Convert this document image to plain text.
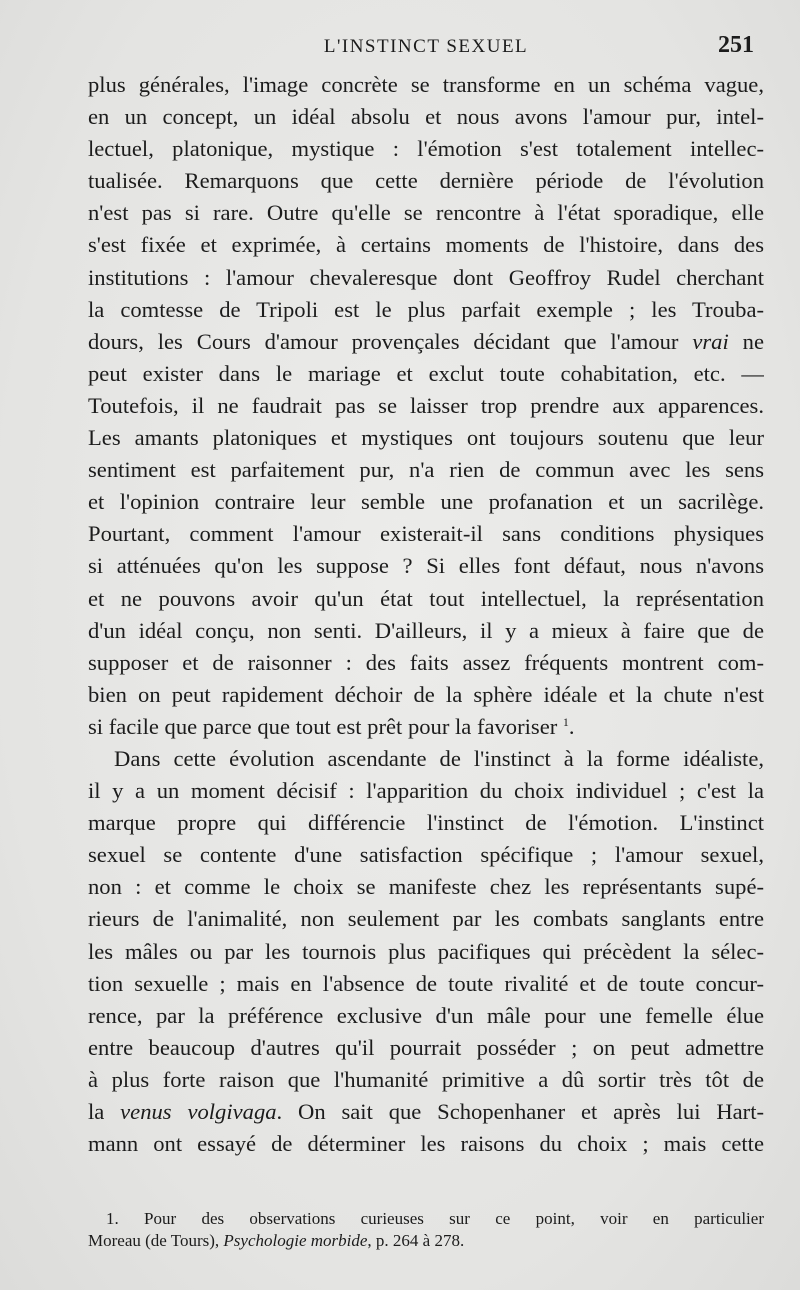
L'INSTINCT SEXUEL	251
plus générales, l'image concrète se transforme en un schéma vague,
en un concept, un idéal absolu et nous avons l'amour pur, intel-
lectuel, platonique, mystique : l'émotion s'est totalement intellec-
tualisée. Remarquons que cette dernière période de l'évolution
n'est pas si rare. Outre qu'elle se rencontre à l'état sporadique, elle
s'est fixée et exprimée, à certains moments de l'histoire, dans des
institutions : l'amour chevaleresque dont Geoffroy Rudel cherchant
la comtesse de Tripoli est le plus parfait exemple ; les Trouba-
dours, les Cours d'amour provençales décidant que l'amour vrai ne
peut exister dans le mariage et exclut toute cohabitation, etc. —
Toutefois, il ne faudrait pas se laisser trop prendre aux apparences.
Les amants platoniques et mystiques ont toujours soutenu que leur
sentiment est parfaitement pur, n'a rien de commun avec les sens
et l'opinion contraire leur semble une profanation et un sacrilège.
Pourtant, comment l'amour existerait-il sans conditions physiques
si atténuées qu'on les suppose ? Si elles font défaut, nous n'avons
et ne pouvons avoir qu'un état tout intellectuel, la représentation
d'un idéal conçu, non senti. D'ailleurs, il y a mieux à faire que de
supposer et de raisonner : des faits assez fréquents montrent com-
bien on peut rapidement déchoir de la sphère idéale et la chute n'est
si facile que parce que tout est prêt pour la favoriser $^1$.
Dans cette évolution ascendante de l'instinct à la forme idéaliste,
il y a un moment décisif : l'apparition du choix individuel ; c'est la
marque propre qui différencie l'instinct de l'émotion. L'instinct
sexuel se contente d'une satisfaction spécifique ; l'amour sexuel,
non : et comme le choix se manifeste chez les représentants supé-
rieurs de l'animalité, non seulement par les combats sanglants entre
les mâles ou par les tournois plus pacifiques qui précèdent la sélec-
tion sexuelle ; mais en l'absence de toute rivalité et de toute concur-
rence, par la préférence exclusive d'un mâle pour une femelle élue
entre beaucoup d'autres qu'il pourrait posséder ; on peut admettre
à plus forte raison que l'humanité primitive a dû sortir très tôt de
la venus volgivaga. On sait que Schopenhaner et après lui Hart-
mann ont essayé de déterminer les raisons du choix ; mais cette
1. Pour des observations curieuses sur ce point, voir en particulier
Moreau (de Tours), Psychologie morbide, p. 264 à 278.
